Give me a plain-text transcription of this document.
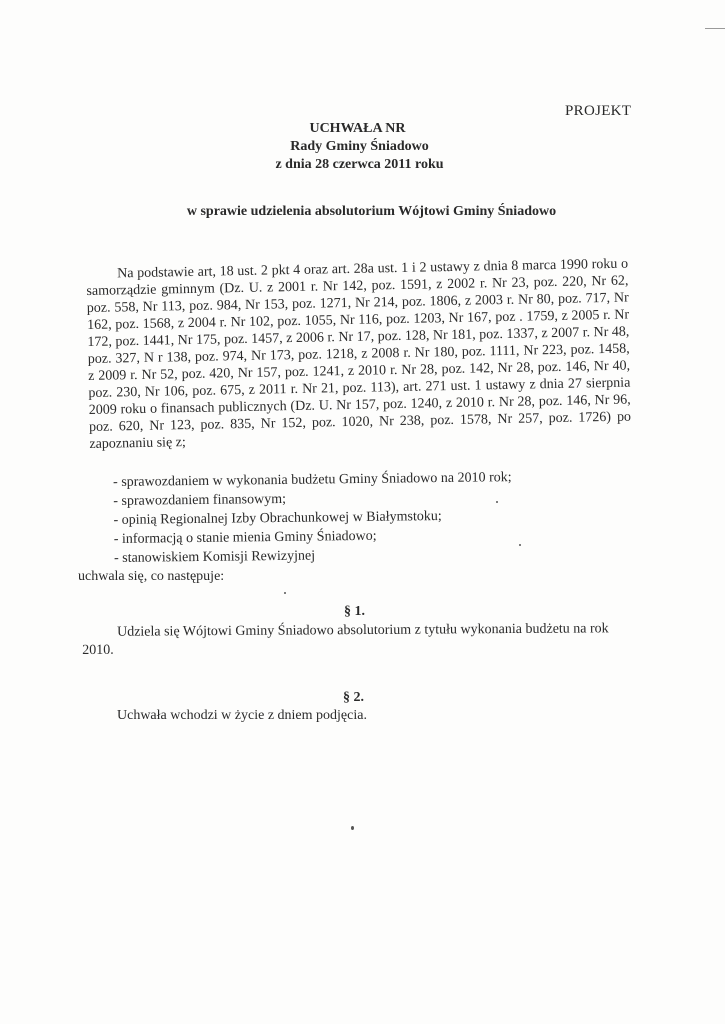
PROJEKT
UCHWAŁA NR
Rady Gminy Śniadowo
z dnia 28 czerwca 2011 roku
w sprawie udzielenia absolutorium Wójtowi Gminy Śniadowo
Na podstawie art, 18 ust. 2 pkt 4 oraz art. 28a ust. 1 i 2 ustawy z dnia 8 marca 1990 roku o samorządzie gminnym (Dz. U. z 2001 r. Nr 142, poz. 1591, z 2002 r. Nr 23, poz. 220, Nr 62, poz. 558, Nr 113, poz. 984, Nr 153, poz. 1271, Nr 214, poz. 1806, z 2003 r. Nr 80, poz. 717, Nr 162, poz. 1568, z 2004 r. Nr 102, poz. 1055, Nr 116, poz. 1203, Nr 167, poz . 1759, z 2005 r. Nr 172, poz. 1441, Nr 175, poz. 1457, z 2006 r. Nr 17, poz. 128, Nr 181, poz. 1337, z 2007 r. Nr 48, poz. 327, N r 138, poz. 974, Nr 173, poz. 1218, z 2008 r. Nr 180, poz. 1111, Nr 223, poz. 1458, z 2009 r. Nr 52, poz. 420, Nr 157, poz. 1241, z 2010 r. Nr 28, poz. 142, Nr 28, poz. 146, Nr 40, poz. 230, Nr 106, poz. 675, z 2011 r. Nr 21, poz. 113), art. 271 ust. 1 ustawy z dnia 27 sierpnia 2009 roku o finansach publicznych (Dz. U. Nr 157, poz. 1240, z 2010 r. Nr 28, poz. 146, Nr 96, poz. 620, Nr 123, poz. 835, Nr 152, poz. 1020, Nr 238, poz. 1578, Nr 257, poz. 1726) po zapoznaniu się z;
- sprawozdaniem w wykonania budżetu Gminy Śniadowo na 2010 rok;
- sprawozdaniem finansowym;
- opinią Regionalnej Izby Obrachunkowej w Białymstoku;
- informacją o stanie mienia Gminy Śniadowo;
- stanowiskiem Komisji Rewizyjnej
uchwala się, co następuje:
§ 1.
Udziela się Wójtowi Gminy Śniadowo absolutorium z tytułu wykonania budżetu na rok 2010.
§ 2.
Uchwała wchodzi w życie z dniem podjęcia.
